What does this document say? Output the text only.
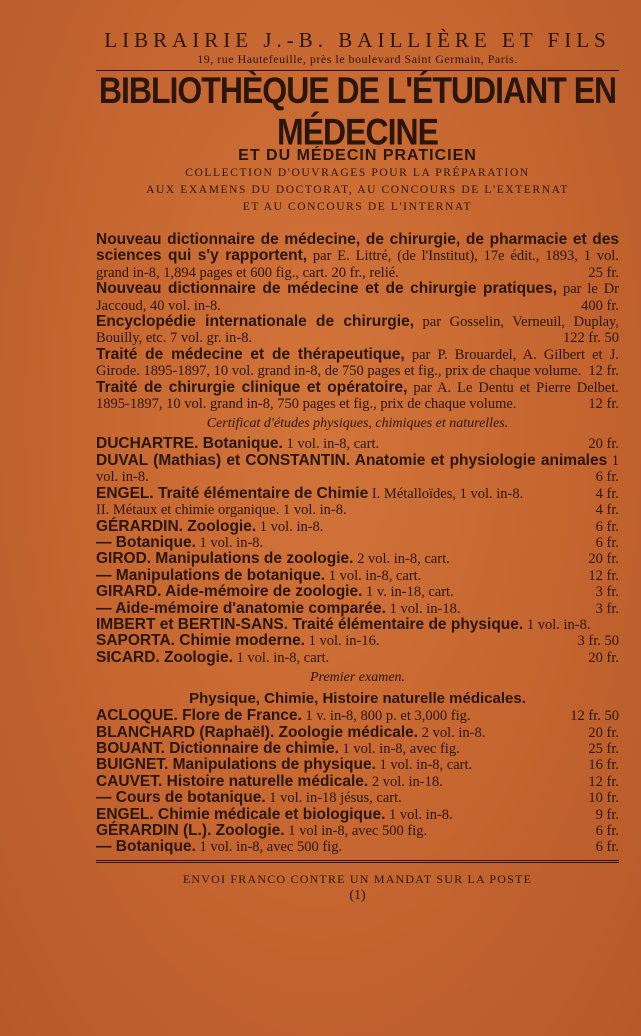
LIBRAIRIE J.-B. BAILLIÈRE ET FILS
19, rue Hautefeuille, près le boulevard Saint Germain, Paris.
BIBLIOTHÈQUE DE L'ÉTUDIANT EN MÉDECINE
ET DU MÉDECIN PRATICIEN
COLLECTION D'OUVRAGES POUR LA PRÉPARATION
AUX EXAMENS DU DOCTORAT, AU CONCOURS DE L'EXTERNAT
ET AU CONCOURS DE L'INTERNAT

Nouveau dictionnaire de médecine, de chirurgie, de pharmacie et des sciences qui s'y rapportent, par E. Littré, (de l'Institut), 17e édit., 1893, 1 vol. grand in-8, 1,894 pages et 600 fig., cart. 20 fr., relié.	25 fr.

Nouveau dictionnaire de médecine et de chirurgie pratiques, par le Dr Jaccoud, 40 vol. in-8.	400 fr.

Encyclopédie internationale de chirurgie, par Gosselin, Verneuil, Duplay, Bouilly, etc. 7 vol. gr. in-8.	122 fr. 50

Traité de médecine et de thérapeutique, par P. Brouardel, A. Gilbert et J. Girode. 1895-1897, 10 vol. grand in-8, de 750 pages et fig., prix de chaque volume. 12 fr.

Traité de chirurgie clinique et opératoire, par A. Le Dentu et Pierre Delbet. 1895-1897, 10 vol. grand in-8, 750 pages et fig., prix de chaque volume.	12 fr.

Certificat d'études physiques, chimiques et naturelles.

DUCHARTRE. Botanique. 1 vol. in-8, cart.	20 fr.

DUVAL (Mathias) et CONSTANTIN. Anatomie et physiologie animales 1 vol. in-8.	6 fr.

ENGEL. Traité élémentaire de Chimie I. Métalloïdes, 1 vol. in-8.	4 fr.

II. Métaux et chimie organique. 1 vol. in-8.	4 fr.

GÉRARDIN. Zoologie. 1 vol. in-8.	6 fr.

— Botanique. 1 vol. in-8.	6 fr.

GIROD. Manipulations de zoologie. 2 vol. in-8, cart.	20 fr.

— Manipulations de botanique. 1 vol. in-8, cart.	12 fr.

GIRARD. Aide-mémoire de zoologie. 1 v. in-18, cart.	3 fr.

— Aide-mémoire d'anatomie comparée. 1 vol. in-18.	3 fr.

IMBERT et BERTIN-SANS. Traité élémentaire de physique. 1 vol. in-8.

SAPORTA. Chimie moderne. 1 vol. in-16.	3 fr. 50

SICARD. Zoologie. 1 vol. in-8, cart.	20 fr.

Premier examen.
Physique, Chimie, Histoire naturelle médicales.

ACLOQUE. Flore de France. 1 v. in-8, 800 p. et 3,000 fig.	12 fr. 50

BLANCHARD (Raphaël). Zoologie médicale. 2 vol. in-8.	20 fr.

BOUANT. Dictionnaire de chimie. 1 vol. in-8, avec fig.	25 fr.

BUIGNET. Manipulations de physique. 1 vol. in-8, cart.	16 fr.

CAUVET. Histoire naturelle médicale. 2 vol. in-18.	12 fr.

— Cours de botanique. 1 vol. in-18 jésus, cart.	10 fr.

ENGEL. Chimie médicale et biologique. 1 vol. in-8.	9 fr.

GÉRARDIN (L.). Zoologie. 1 vol in-8, avec 500 fig.	6 fr.

— Botanique. 1 vol. in-8, avec 500 fig.	6 fr.

ENVOI FRANCO CONTRE UN MANDAT SUR LA POSTE
(1)
